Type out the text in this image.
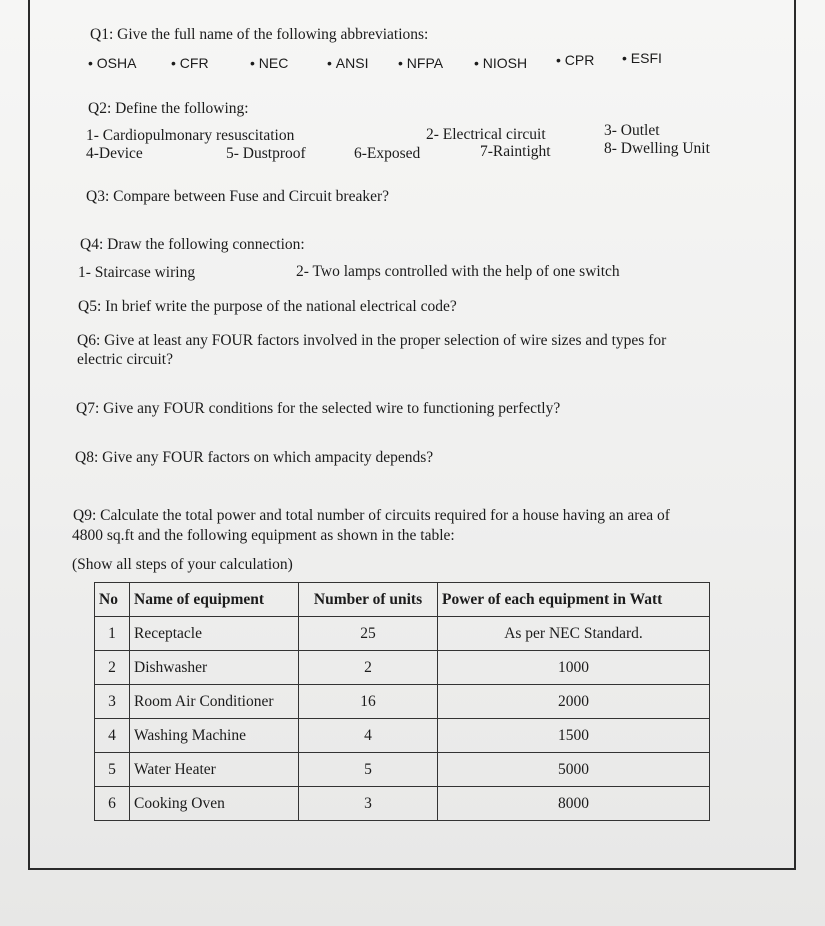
Q1: Give the full name of the following abbreviations:
• OSHA	• CFR	• NEC	• ANSI	• NFPA	• NIOSH	• CPR	• ESFI
Q2: Define the following:
1- Cardiopulmonary resuscitation	2- Electrical circuit	3- Outlet
4-Device	5- Dustproof	6-Exposed	7-Raintight	8- Dwelling Unit
Q3: Compare between Fuse and Circuit breaker?
Q4: Draw the following connection:
1- Staircase wiring	2- Two lamps controlled with the help of one switch
Q5: In brief write the purpose of the national electrical code?
Q6: Give at least any FOUR factors involved in the proper selection of wire sizes and types for
electric circuit?
Q7: Give any FOUR conditions for the selected wire to functioning perfectly?
Q8: Give any FOUR factors on which ampacity depends?
Q9: Calculate the total power and total number of circuits required for a house having an area of
4800 sq.ft and the following equipment as shown in the table:
(Show all steps of your calculation)
No	Name of equipment	Number of units	Power of each equipment in Watt
1	Receptacle	25	As per NEC Standard.
2	Dishwasher	2	1000
3	Room Air Conditioner	16	2000
4	Washing Machine	4	1500
5	Water Heater	5	5000
6	Cooking Oven	3	8000
